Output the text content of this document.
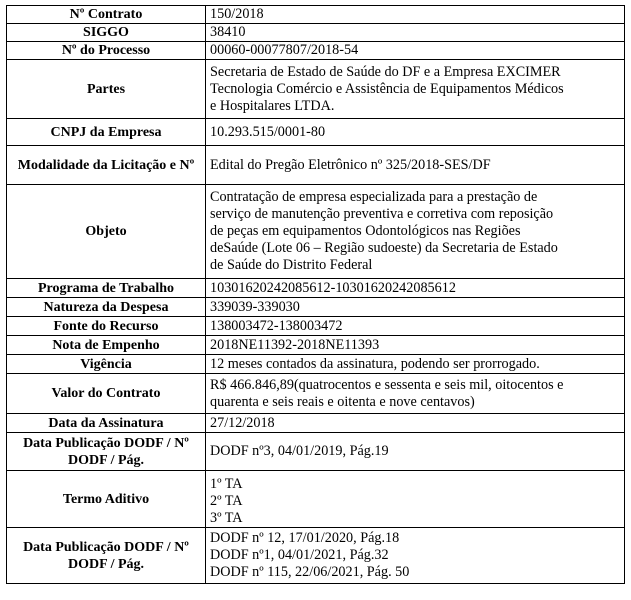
Nº Contrato	150/2018

SIGGO	38410

Nº do Processo	00060-00077807/2018-54

Partes	Secretaria de Estado de Saúde do DF e a Empresa EXCIMER
Tecnologia Comércio e Assistência de Equipamentos Médicos
e Hospitalares LTDA.

CNPJ da Empresa	10.293.515/0001-80

Modalidade da Licitação e Nº	Edital do Pregão Eletrônico nº 325/2018-SES/DF

Objeto	Contratação de empresa especializada para a prestação de
serviço de manutenção preventiva e corretiva com reposição
de peças em equipamentos Odontológicos nas Regiões
deSaúde (Lote 06 – Região sudoeste) da Secretaria de Estado
de Saúde do Distrito Federal

Programa de Trabalho	10301620242085612-10301620242085612

Natureza da Despesa	339039-339030

Fonte do Recurso	138003472-138003472

Nota de Empenho	2018NE11392-2018NE11393

Vigência	12 meses contados da assinatura, podendo ser prorrogado.

Valor do Contrato	R$ 466.846,89(quatrocentos e sessenta e seis mil, oitocentos e
quarenta e seis reais e oitenta e nove centavos)

Data da Assinatura	27/12/2018

Data Publicação DODF / Nº DODF / Pág.	DODF nº3, 04/01/2019, Pág.19

Termo Aditivo	1º TA
2º TA
3º TA

Data Publicação DODF / Nº DODF / Pág.	DODF nº 12, 17/01/2020, Pág.18
DODF nº1, 04/01/2021, Pág.32
DODF nº 115, 22/06/2021, Pág. 50
